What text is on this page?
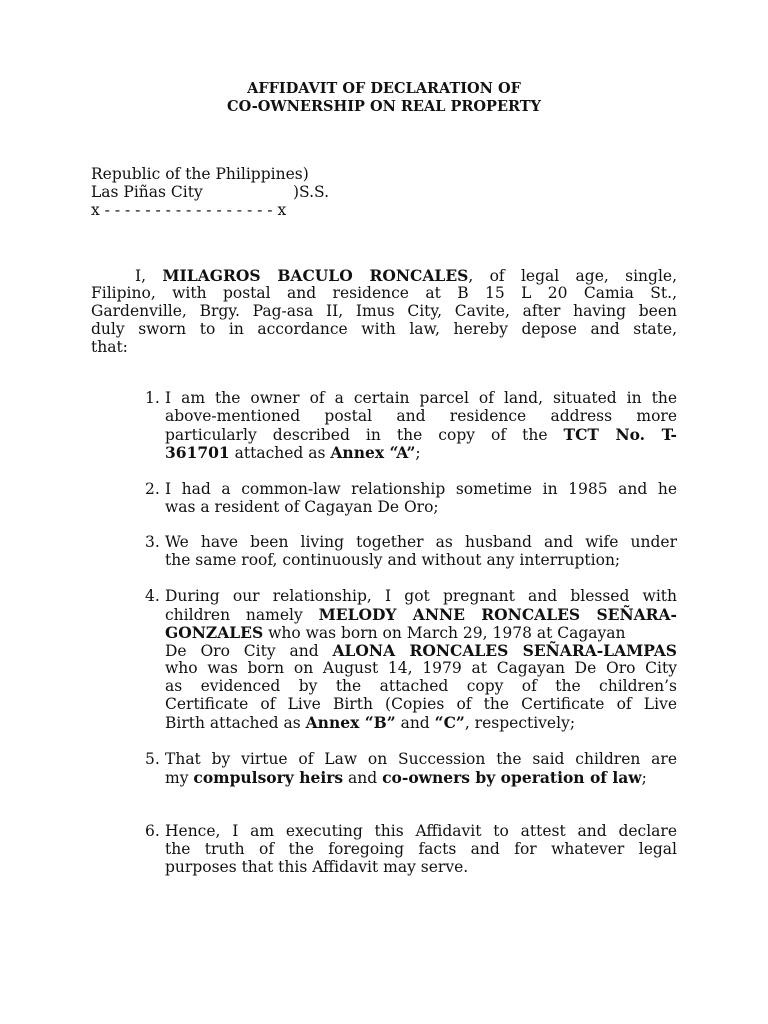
AFFIDAVIT OF DECLARATION OF
CO-OWNERSHIP ON REAL PROPERTY
Republic of the Philippines)
Las Piñas City	)S.S.
x - - - - - - - - - - - - - - - - - x
I, MILAGROS BACULO RONCALES, of legal age, single,
Filipino, with postal and residence at B 15 L 20 Camia St.,
Gardenville, Brgy. Pag-asa II, Imus City, Cavite, after having been
duly sworn to in accordance with law, hereby depose and state,
that:
1. I am the owner of a certain parcel of land, situated in the
above-mentioned postal and residence address more
particularly described in the copy of the TCT No. T-
361701 attached as Annex “A”;
2. I had a common-law relationship sometime in 1985 and he
was a resident of Cagayan De Oro;
3. We have been living together as husband and wife under
the same roof, continuously and without any interruption;
4. During our relationship, I got pregnant and blessed with
children namely MELODY ANNE RONCALES SEÑARA-
GONZALES who was born on March 29, 1978 at Cagayan
De Oro City and ALONA RONCALES SEÑARA-LAMPAS
who was born on August 14, 1979 at Cagayan De Oro City
as evidenced by the attached copy of the children’s
Certificate of Live Birth (Copies of the Certificate of Live
Birth attached as Annex “B” and “C”, respectively;
5. That by virtue of Law on Succession the said children are
my compulsory heirs and co-owners by operation of law;
6. Hence, I am executing this Affidavit to attest and declare
the truth of the foregoing facts and for whatever legal
purposes that this Affidavit may serve.
